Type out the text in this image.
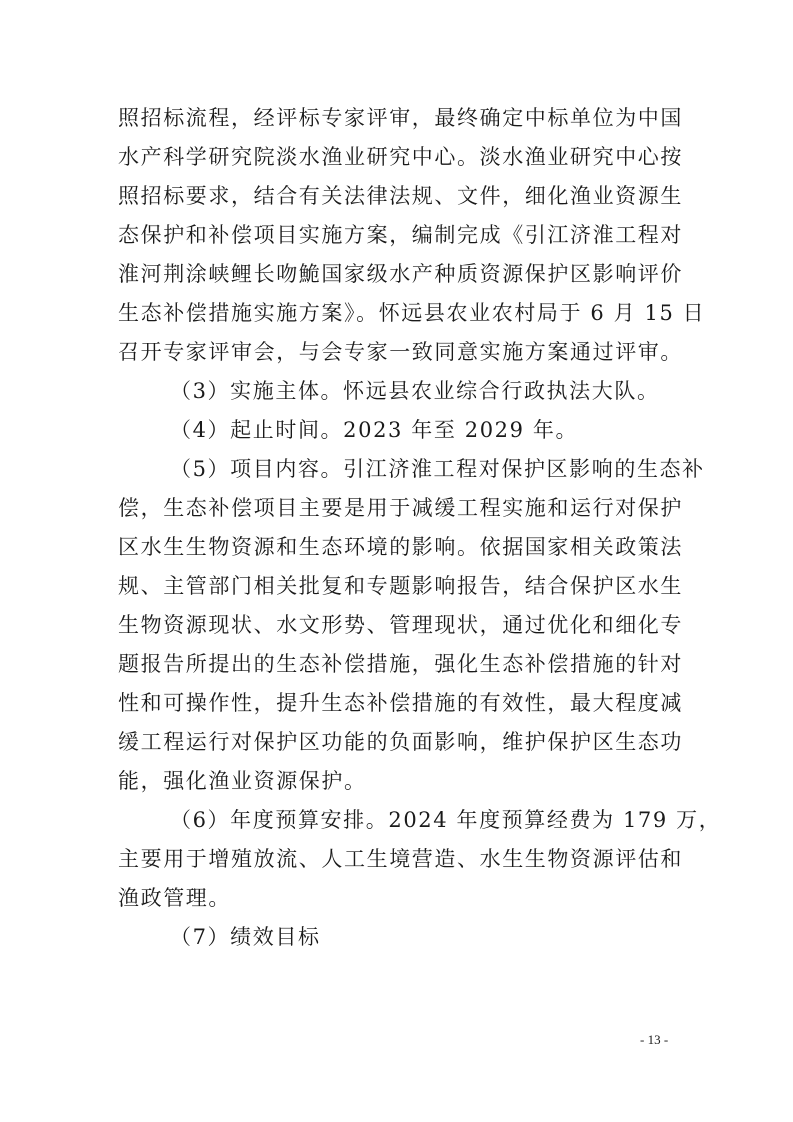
照招标流程，经评标专家评审，最终确定中标单位为中国
水产科学研究院淡水渔业研究中心。淡水渔业研究中心按
照招标要求，结合有关法律法规、文件，细化渔业资源生
态保护和补偿项目实施方案，编制完成《引江济淮工程对
淮河荆涂峡鲤长吻鮠国家级水产种质资源保护区影响评价
生态补偿措施实施方案》。怀远县农业农村局于 6 月 15 日
召开专家评审会，与会专家一致同意实施方案通过评审。
（3）实施主体。怀远县农业综合行政执法大队。
（4）起止时间。2023 年至 2029 年。
（5）项目内容。引江济淮工程对保护区影响的生态补
偿，生态补偿项目主要是用于减缓工程实施和运行对保护
区水生生物资源和生态环境的影响。依据国家相关政策法
规、主管部门相关批复和专题影响报告，结合保护区水生
生物资源现状、水文形势、管理现状，通过优化和细化专
题报告所提出的生态补偿措施，强化生态补偿措施的针对
性和可操作性，提升生态补偿措施的有效性，最大程度减
缓工程运行对保护区功能的负面影响，维护保护区生态功
能，强化渔业资源保护。
（6）年度预算安排。2024 年度预算经费为 179 万，
主要用于增殖放流、人工生境营造、水生生物资源评估和
渔政管理。
（7）绩效目标
- 13 -
